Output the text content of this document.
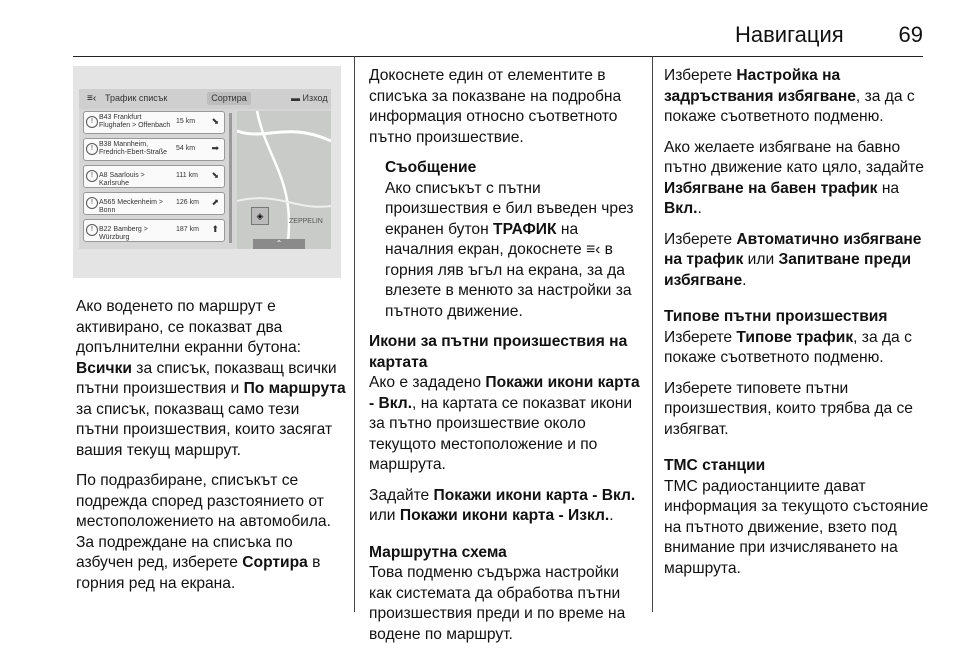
Навигация 69
≡‹ Трафик списък	Сортира	▬ Изход
!
B43 Frankfurt Flughafen > Offenbach
15 km ⬊
!
B38 Mannheim, Fredrich-Ebert-Straße
54 km ➡
! A8 Saarlouis > Karlsruhe
111 km ⬊
! A565 Meckenheim > Bonn
126 km ⬈
! B22 Bamberg > Würzburg
187 km ⬆
ZEPPELIN
◈
⌃

Ако воденето по маршрут е активирано, се показват два допълнителни екранни бутона: Всички за списък, показващ всички пътни произшествия и По маршрута за списък, показващ само тези пътни произшествия, които засягат вашия текущ маршрут.

По подразбиране, списъкът се подрежда според разстоянието от местоположението на автомобила. За подреждане на списъка по азбучен ред, изберете Сортира в горния ред на екрана.

Докоснете един от елементите в списъка за показване на подробна информация относно съответното пътно произшествие.

Съобщение
Ако списъкът с пътни произшествия е бил въведен чрез екранен бутон ТРАФИК на началния екран, докоснете ≡‹ в горния ляв ъгъл на екрана, за да влезете в менюто за настройки за пътното движение.
Икони за пътни произшествия на картата

Ако е зададено Покажи икони карта - Вкл., на картата се показват икони за пътно произшествие около текущото местоположение и по маршрута.

Задайте Покажи икони карта - Вкл. или Покажи икони карта - Изкл..

Маршрутна схема

Това подменю съдържа настройки как системата да обработва пътни произшествия преди и по време на водене по маршрут.

Изберете Настройка на задръствания избягване, за да с покаже съответното подменю.

Ако желаете избягване на бавно пътно движение като цяло, задайте Избягване на бавен трафик на Вкл..

Изберете Автоматично избягване на трафик или Запитване преди избягване.

Типове пътни произшествия

Изберете Типове трафик, за да с покаже съответното подменю.

Изберете типовете пътни произшествия, които трябва да се избягват.

TMC станции

TMC радиостанциите дават информация за текущото състояние на пътното движение, взето под внимание при изчисляването на маршрута.
